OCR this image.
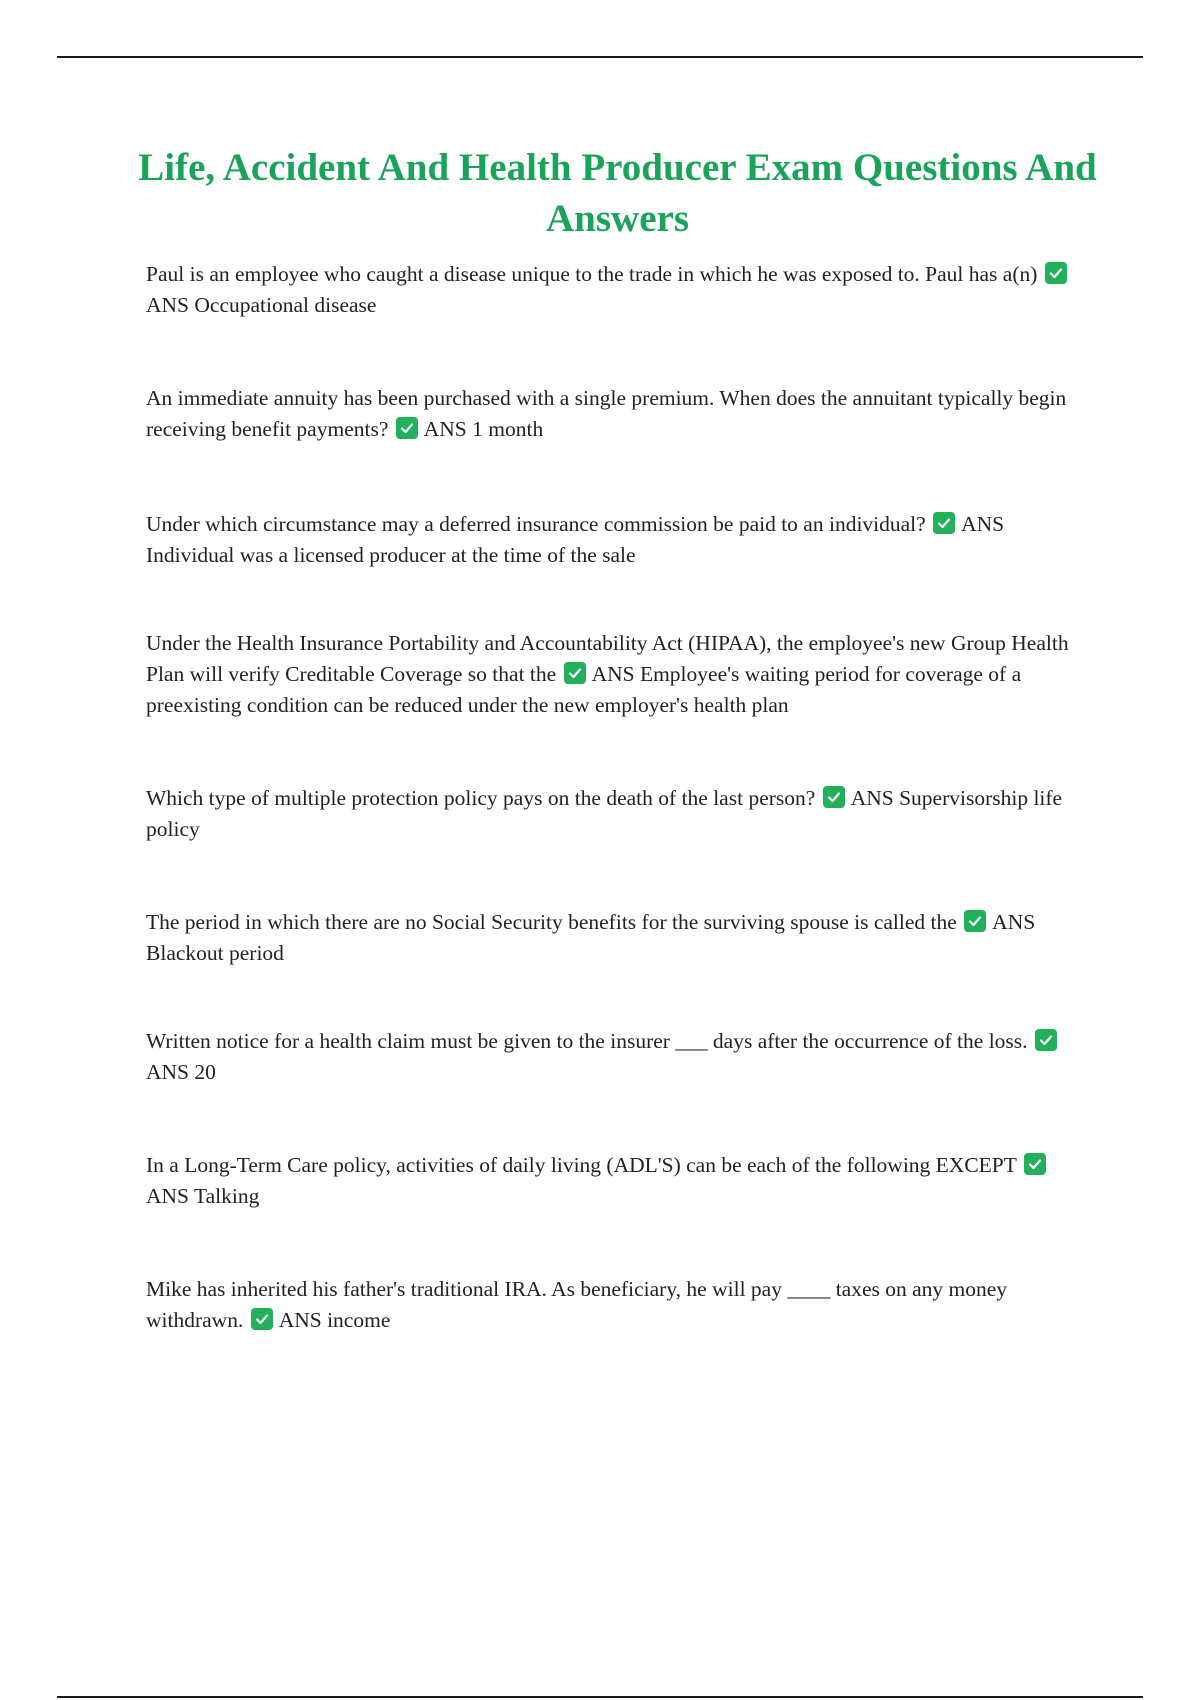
Life, Accident And Health Producer Exam Questions And Answers

Paul is an employee who caught a disease unique to the trade in which he was exposed to. Paul has a(n)
ANS Occupational disease

An immediate annuity has been purchased with a single premium. When does the annuitant typically begin receiving benefit payments? ANS 1 month

Under which circumstance may a deferred insurance commission be paid to an individual? ANS Individual was a licensed producer at the time of the sale

Under the Health Insurance Portability and Accountability Act (HIPAA), the employee's new Group Health Plan will verify Creditable Coverage so that the ANS Employee's waiting period for coverage of a preexisting condition can be reduced under the new employer's health plan

Which type of multiple protection policy pays on the death of the last person? ANS Supervisorship life policy

The period in which there are no Social Security benefits for the surviving spouse is called the ANS Blackout period

Written notice for a health claim must be given to the insurer ___ days after the occurrence of the loss.
ANS 20

In a Long-Term Care policy, activities of daily living (ADL'S) can be each of the following EXCEPT
ANS Talking

Mike has inherited his father's traditional IRA. As beneficiary, he will pay ____ taxes on any money withdrawn. ANS income
